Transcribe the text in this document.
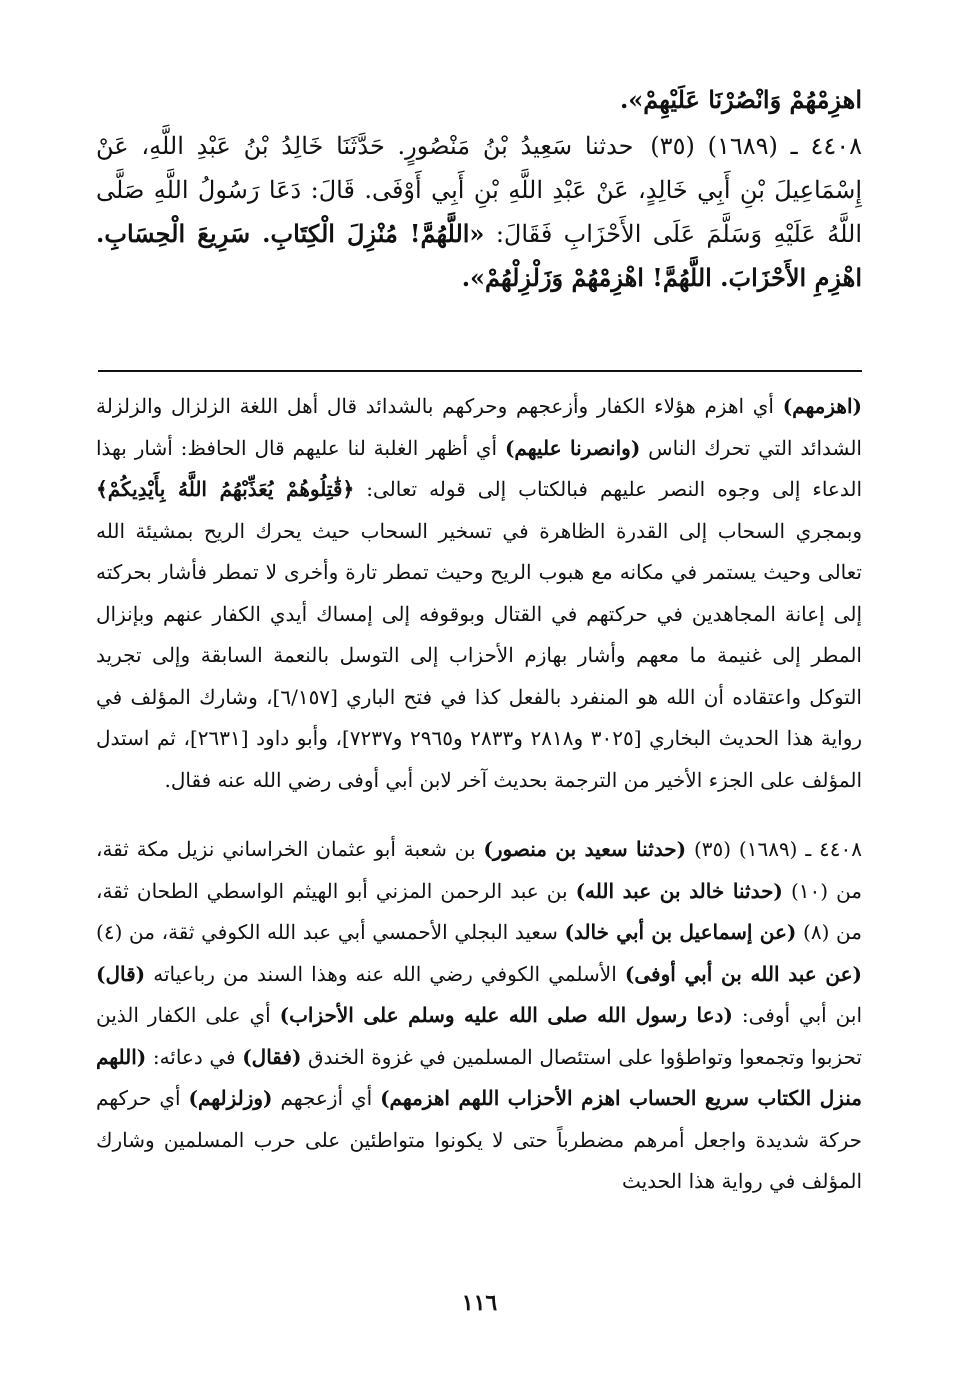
اهزِمْهُمْ وَانْصُرْنَا عَلَيْهِمْ».

٤٤٠٨ ـ (١٦٨٩) (٣٥) حدثنا سَعِيدُ بْنُ مَنْصُورٍ. حَدَّثَنَا خَالِدُ بْنُ عَبْدِ اللَّهِ، عَنْ إِسْمَاعِيلَ بْنِ أَبِي خَالِدٍ، عَنْ عَبْدِ اللَّهِ بْنِ أَبِي أَوْفَى. قَالَ: دَعَا رَسُولُ اللَّهِ صَلَّى اللَّهُ عَلَيْهِ وَسَلَّمَ عَلَى الأَحْزَابِ فَقَالَ: «اللَّهُمَّ! مُنْزِلَ الْكِتَابِ. سَرِيعَ الْحِسَابِ. اهْزِمِ الأَحْزَابَ. اللَّهُمَّ! اهْزِمْهُمْ وَزَلْزِلْهُمْ».

(اهزمهم) أي اهزم هؤلاء الكفار وأزعجهم وحركهم بالشدائد قال أهل اللغة الزلزال والزلزلة الشدائد التي تحرك الناس (وانصرنا عليهم) أي أظهر الغلبة لنا عليهم قال الحافظ: أشار بهذا الدعاء إلى وجوه النصر عليهم فبالكتاب إلى قوله تعالى: ﴿قَٰتِلُوهُمْ يُعَذِّبْهُمُ اللَّهُ بِأَيْدِيكُمْ﴾ وبمجري السحاب إلى القدرة الظاهرة في تسخير السحاب حيث يحرك الريح بمشيئة الله تعالى وحيث يستمر في مكانه مع هبوب الريح وحيث تمطر تارة وأخرى لا تمطر فأشار بحركته إلى إعانة المجاهدين في حركتهم في القتال وبوقوفه إلى إمساك أيدي الكفار عنهم وبإنزال المطر إلى غنيمة ما معهم وأشار بهازم الأحزاب إلى التوسل بالنعمة السابقة وإلى تجريد التوكل واعتقاده أن الله هو المنفرد بالفعل كذا في فتح الباري [٦/١٥٧]، وشارك المؤلف في رواية هذا الحديث البخاري [٣٠٢٥ و٢٨١٨ و٢٨٣٣ و٢٩٦٥ و٧٢٣٧]، وأبو داود [٢٦٣١]، ثم استدل المؤلف على الجزء الأخير من الترجمة بحديث آخر لابن أبي أوفى رضي الله عنه فقال.

٤٤٠٨ ـ (١٦٨٩) (٣٥) (حدثنا سعيد بن منصور) بن شعبة أبو عثمان الخراساني نزيل مكة ثقة، من (١٠) (حدثنا خالد بن عبد الله) بن عبد الرحمن المزني أبو الهيثم الواسطي الطحان ثقة، من (٨) (عن إسماعيل بن أبي خالد) سعيد البجلي الأحمسي أبي عبد الله الكوفي ثقة، من (٤) (عن عبد الله بن أبي أوفى) الأسلمي الكوفي رضي الله عنه وهذا السند من رباعياته (قال) ابن أبي أوفى: (دعا رسول الله صلى الله عليه وسلم على الأحزاب) أي على الكفار الذين تحزبوا وتجمعوا وتواطؤوا على استئصال المسلمين في غزوة الخندق (فقال) في دعائه: (اللهم منزل الكتاب سريع الحساب اهزم الأحزاب اللهم اهزمهم) أي أزعجهم (وزلزلهم) أي حركهم حركة شديدة واجعل أمرهم مضطرباً حتى لا يكونوا متواطئين على حرب المسلمين وشارك المؤلف في رواية هذا الحديث

١١٦
